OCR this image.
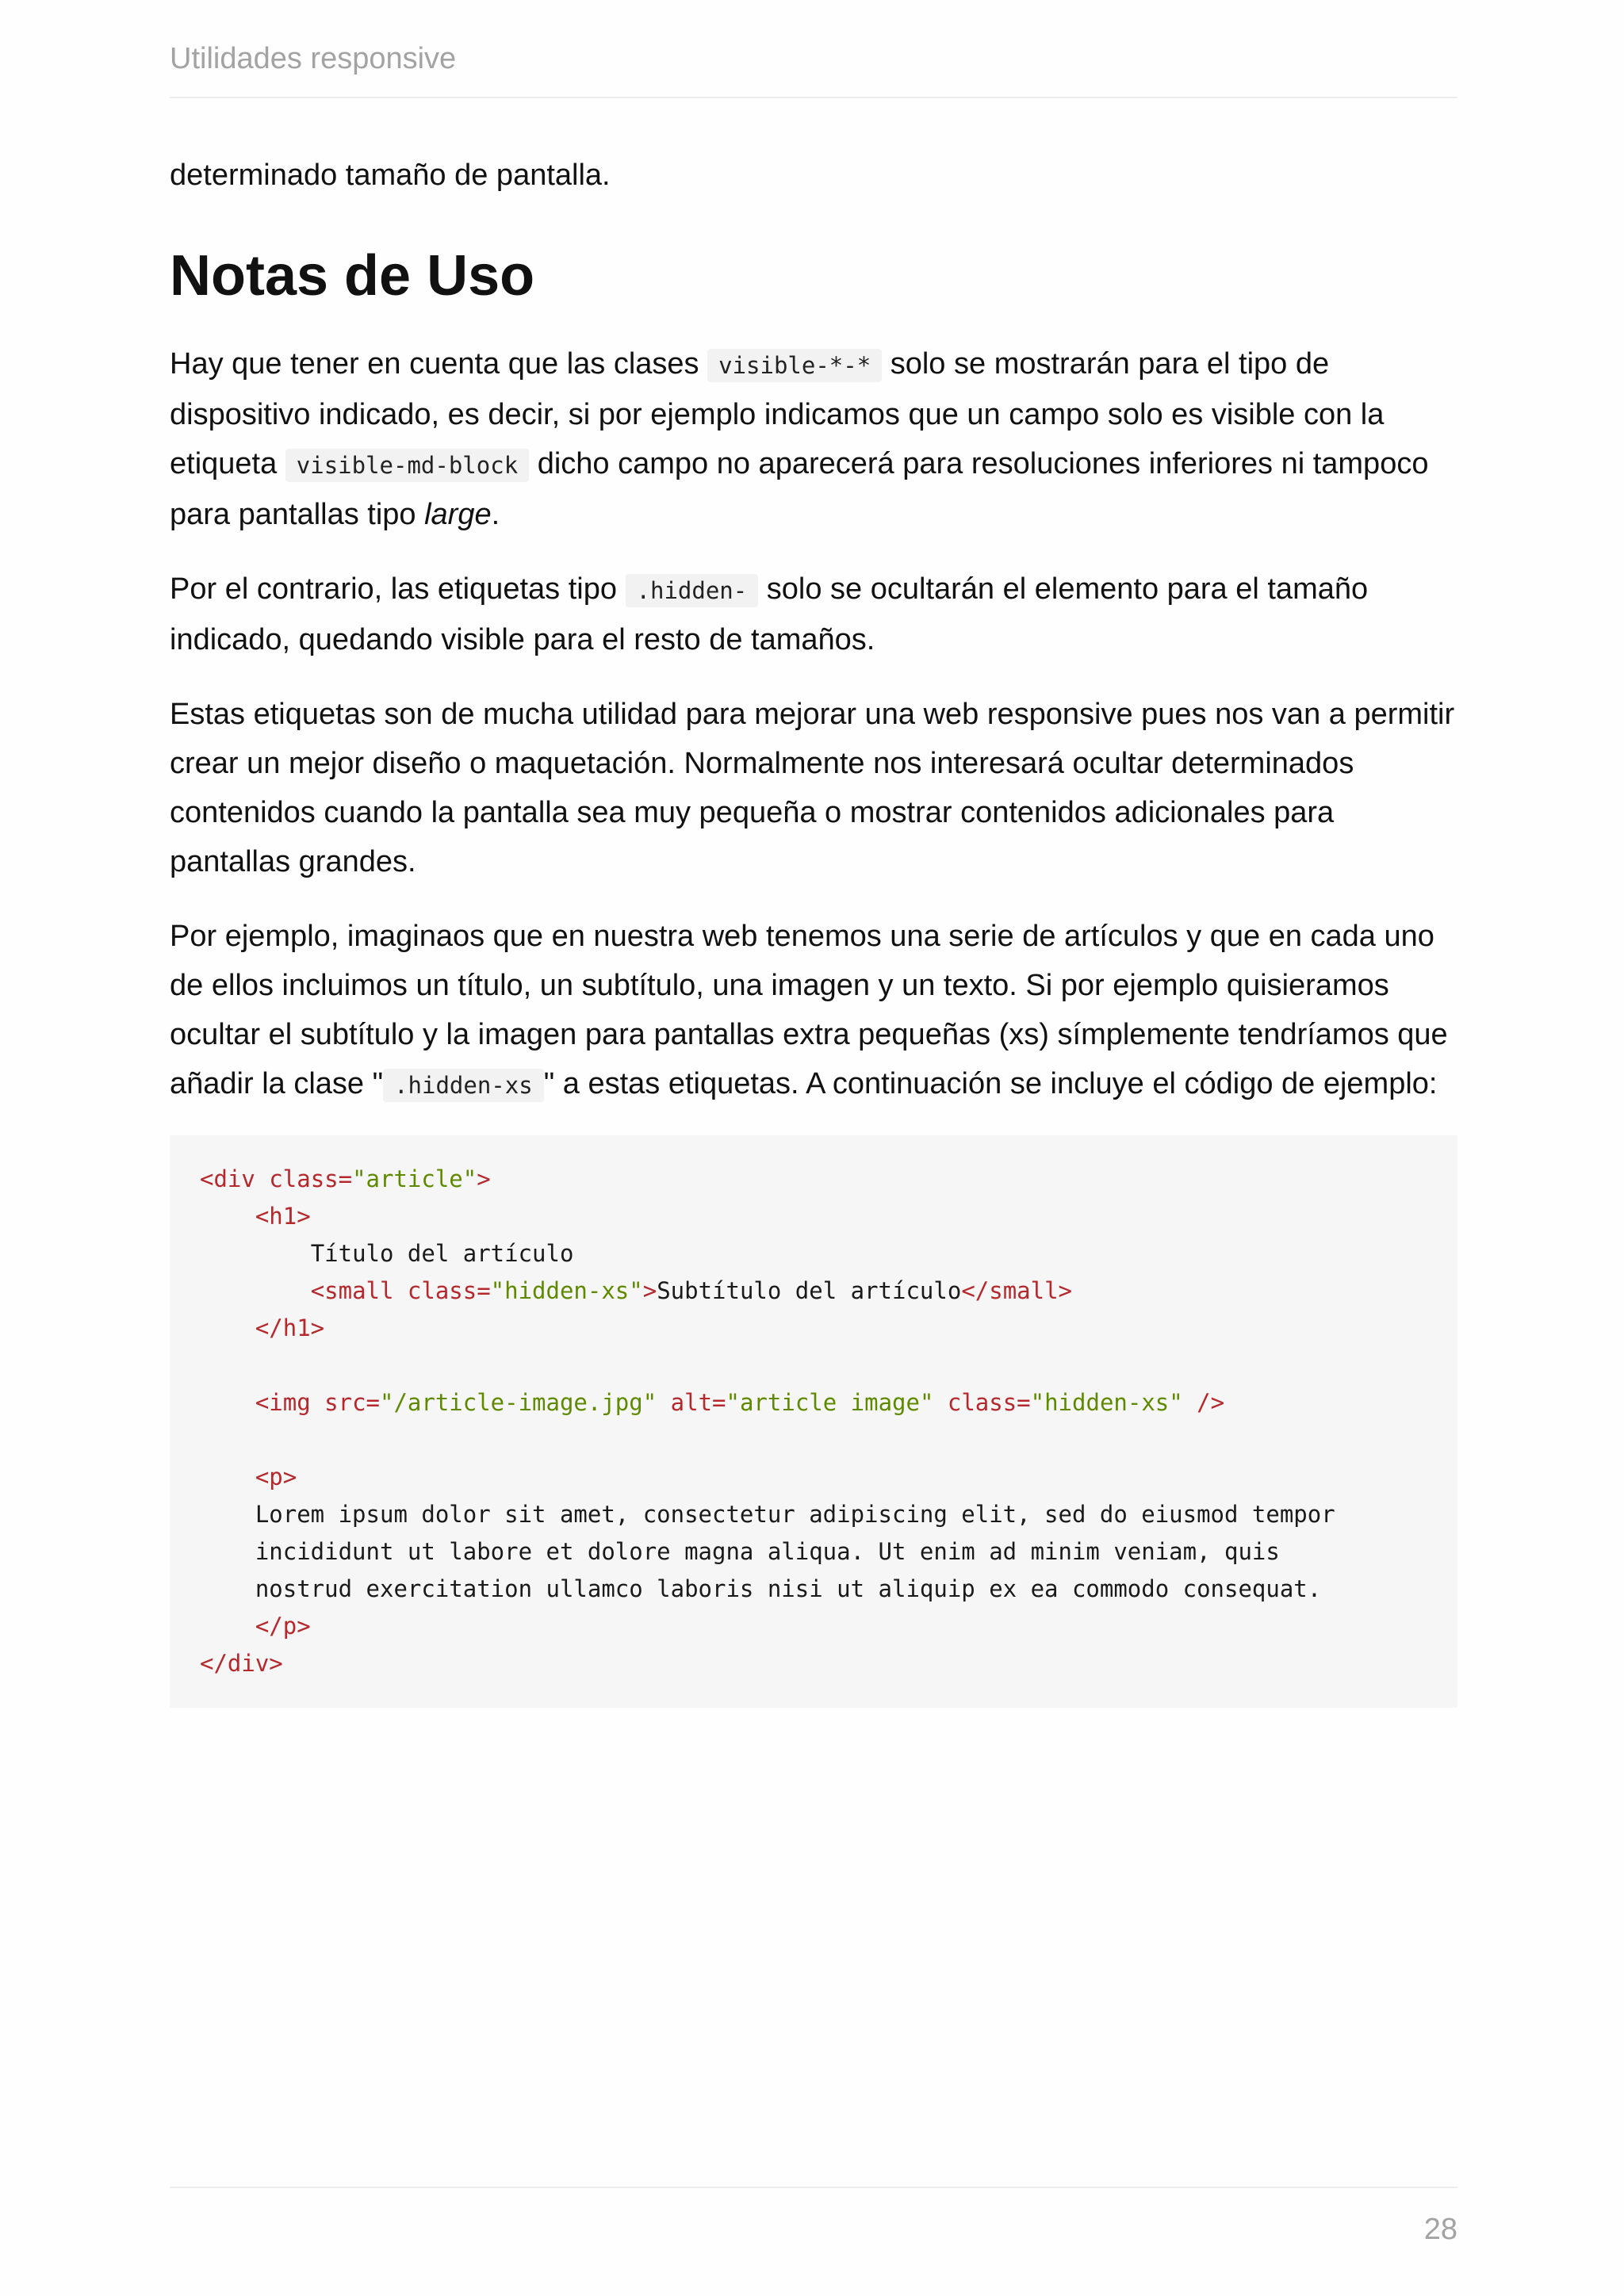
Utilidades responsive

determinado tamaño de pantalla.

Notas de Uso

Hay que tener en cuenta que las clases visible-*-* solo se mostrarán para el tipo de dispositivo indicado, es decir, si por ejemplo indicamos que un campo solo es visible con la etiqueta visible-md-block dicho campo no aparecerá para resoluciones inferiores ni tampoco para pantallas tipo large.

Por el contrario, las etiquetas tipo .hidden- solo se ocultarán el elemento para el tamaño indicado, quedando visible para el resto de tamaños.

Estas etiquetas son de mucha utilidad para mejorar una web responsive pues nos van a permitir crear un mejor diseño o maquetación. Normalmente nos interesará ocultar determinados contenidos cuando la pantalla sea muy pequeña o mostrar contenidos adicionales para pantallas grandes.

Por ejemplo, imaginaos que en nuestra web tenemos una serie de artículos y que en cada uno de ellos incluimos un título, un subtítulo, una imagen y un texto. Si por ejemplo quisieramos ocultar el subtítulo y la imagen para pantallas extra pequeñas (xs) símplemente tendríamos que añadir la clase " .hidden-xs " a estas etiquetas. A continuación se incluye el código de ejemplo:

<div class="article">
<h1>
Título del artículo
<small class="hidden-xs">Subtítulo del artículo</small>
</h1>

<img src="/article-image.jpg" alt="article image" class="hidden-xs" />

<p>
Lorem ipsum dolor sit amet, consectetur adipiscing elit, sed do eiusmod tempor
incididunt ut labore et dolore magna aliqua. Ut enim ad minim veniam, quis
nostrud exercitation ullamco laboris nisi ut aliquip ex ea commodo consequat.
</p>
</div>
28
